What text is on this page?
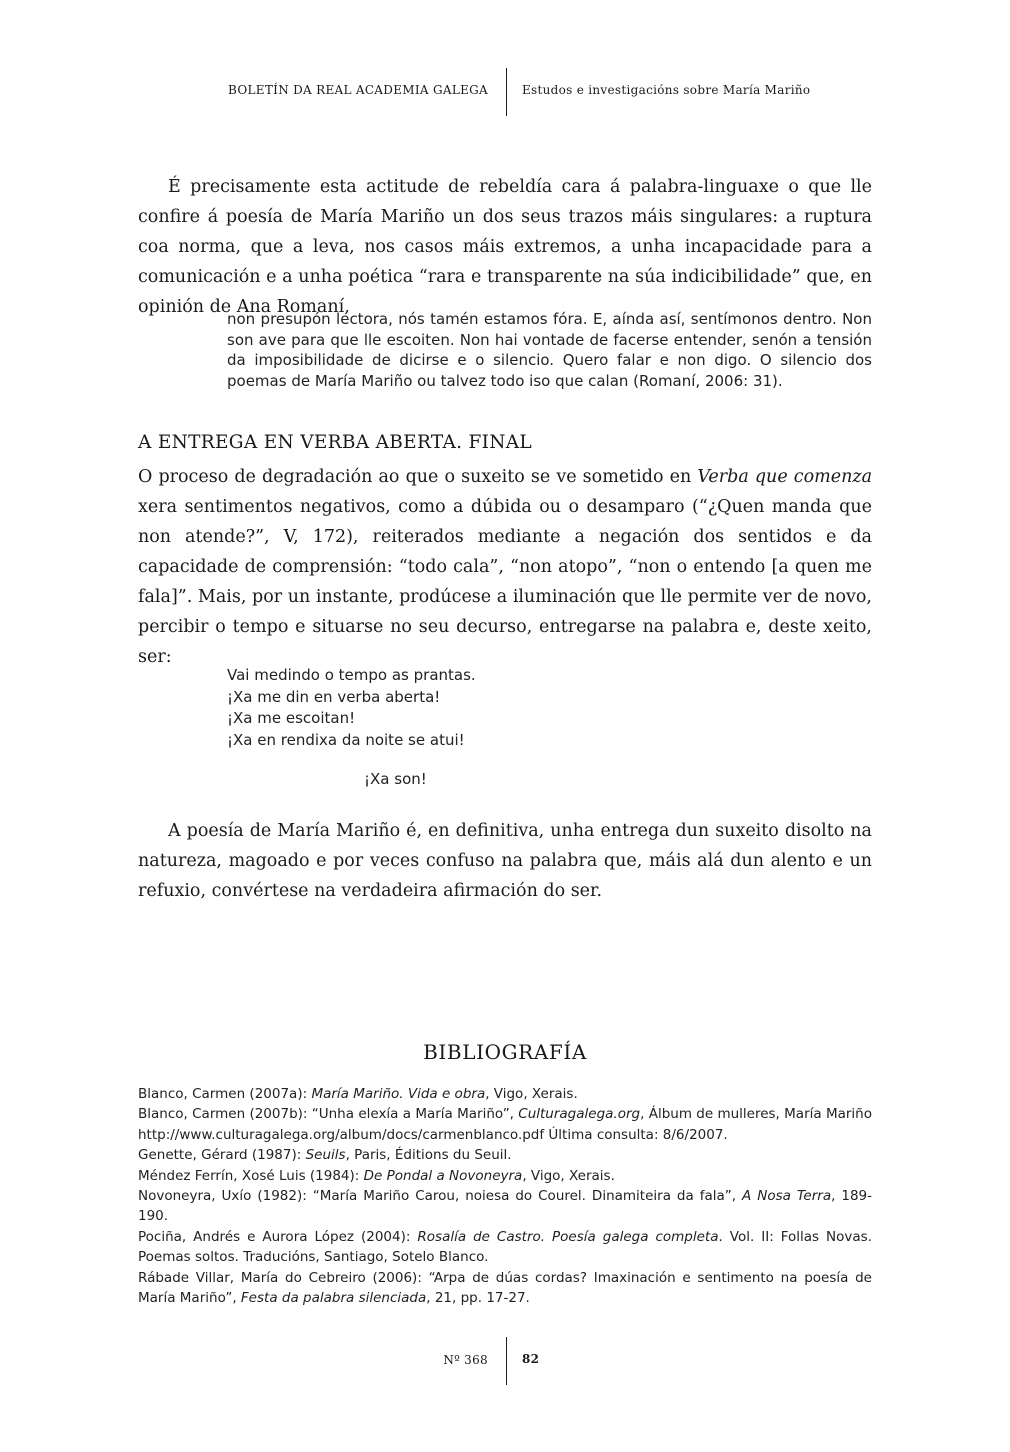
BOLETÍN DA REAL ACADEMIA GALEGA	Estudos e investigacións sobre María Mariño

É precisamente esta actitude de rebeldía cara á palabra-linguaxe o que lle confire á poesía de María Mariño un dos seus trazos máis singulares: a ruptura coa norma, que a leva, nos casos máis extremos, a unha incapacidade para a comunicación e a unha poética “rara e transparente na súa indicibilidade” que, en opinión de Ana Romaní,

non presupón lectora, nós tamén estamos fóra. E, aínda así, sentímonos dentro. Non son ave para que lle escoiten. Non hai vontade de facerse entender, senón a tensión da imposibilidade de dicirse e o silencio. Quero falar e non digo. O silencio dos poemas de María Mariño ou talvez todo iso que calan (Romaní, 2006: 31).

A ENTREGA EN VERBA ABERTA. FINAL

O proceso de degradación ao que o suxeito se ve sometido en Verba que comenza xera sentimentos negativos, como a dúbida ou o desamparo (“¿Quen manda que non atende?”, V, 172), reiterados mediante a negación dos sentidos e da capacidade de comprensión: “todo cala”, “non atopo”, “non o entendo [a quen me fala]”. Mais, por un instante, prodúcese a iluminación que lle permite ver de novo, percibir o tempo e situarse no seu decurso, entregarse na palabra e, deste xeito, ser:

Vai medindo o tempo as prantas.
¡Xa me din en verba aberta!
¡Xa me escoitan!
¡Xa en rendixa da noite se atui!
¡Xa son!

A poesía de María Mariño é, en definitiva, unha entrega dun suxeito disolto na natureza, magoado e por veces confuso na palabra que, máis alá dun alento e un refuxio, convértese na verdadeira afirmación do ser.

BIBLIOGRAFÍA
Blanco, Carmen (2007a): María Mariño. Vida e obra, Vigo, Xerais.
Blanco, Carmen (2007b): “Unha elexía a María Mariño”, Culturagalega.org, Álbum de mulleres, María Mariño http://www.culturagalega.org/album/docs/carmenblanco.pdf Última consulta: 8/6/2007.
Genette, Gérard (1987): Seuils, Paris, Éditions du Seuil.
Méndez Ferrín, Xosé Luis (1984): De Pondal a Novoneyra, Vigo, Xerais.
Novoneyra, Uxío (1982): “María Mariño Carou, noiesa do Courel. Dinamiteira da fala”, A Nosa Terra, 189-190.
Pociña, Andrés e Aurora López (2004): Rosalía de Castro. Poesía galega completa. Vol. II: Follas Novas. Poemas soltos. Traducións, Santiago, Sotelo Blanco.
Rábade Villar, María do Cebreiro (2006): “Arpa de dúas cordas? Imaxinación e sentimento na poesía de María Mariño”, Festa da palabra silenciada, 21, pp. 17-27.
Nº 368	82
